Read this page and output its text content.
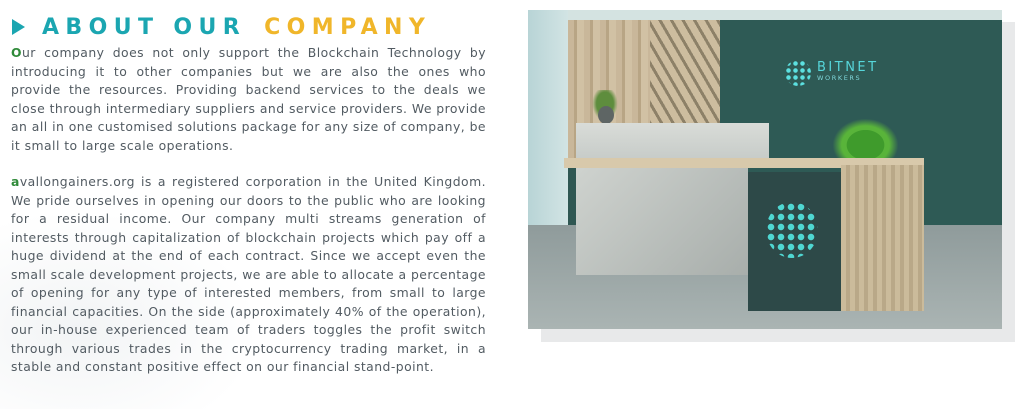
ABOUT OUR COMPANY
Our company does not only support the Blockchain Technology by introducing it to other companies but we are also the ones who provide the resources. Providing backend services to the deals we close through intermediary suppliers and service providers. We provide an all in one customised solutions package for any size of company, be it small to large scale operations.
avallongainers.org is a registered corporation in the United Kingdom. We pride ourselves in opening our doors to the public who are looking for a residual income. Our company multi streams generation of interests through capitalization of blockchain projects which pay off a huge dividend at the end of each contract. Since we accept even the small scale development projects, we are able to allocate a percentage of opening for any type of interested members, from small to large financial capacities. On the side (approximately 40% of the operation), our in-house experienced team of traders toggles the profit switch through various trades in the cryptocurrency trading market, in a stable and constant positive effect on our financial stand-point.
BITNET
WORKERS
